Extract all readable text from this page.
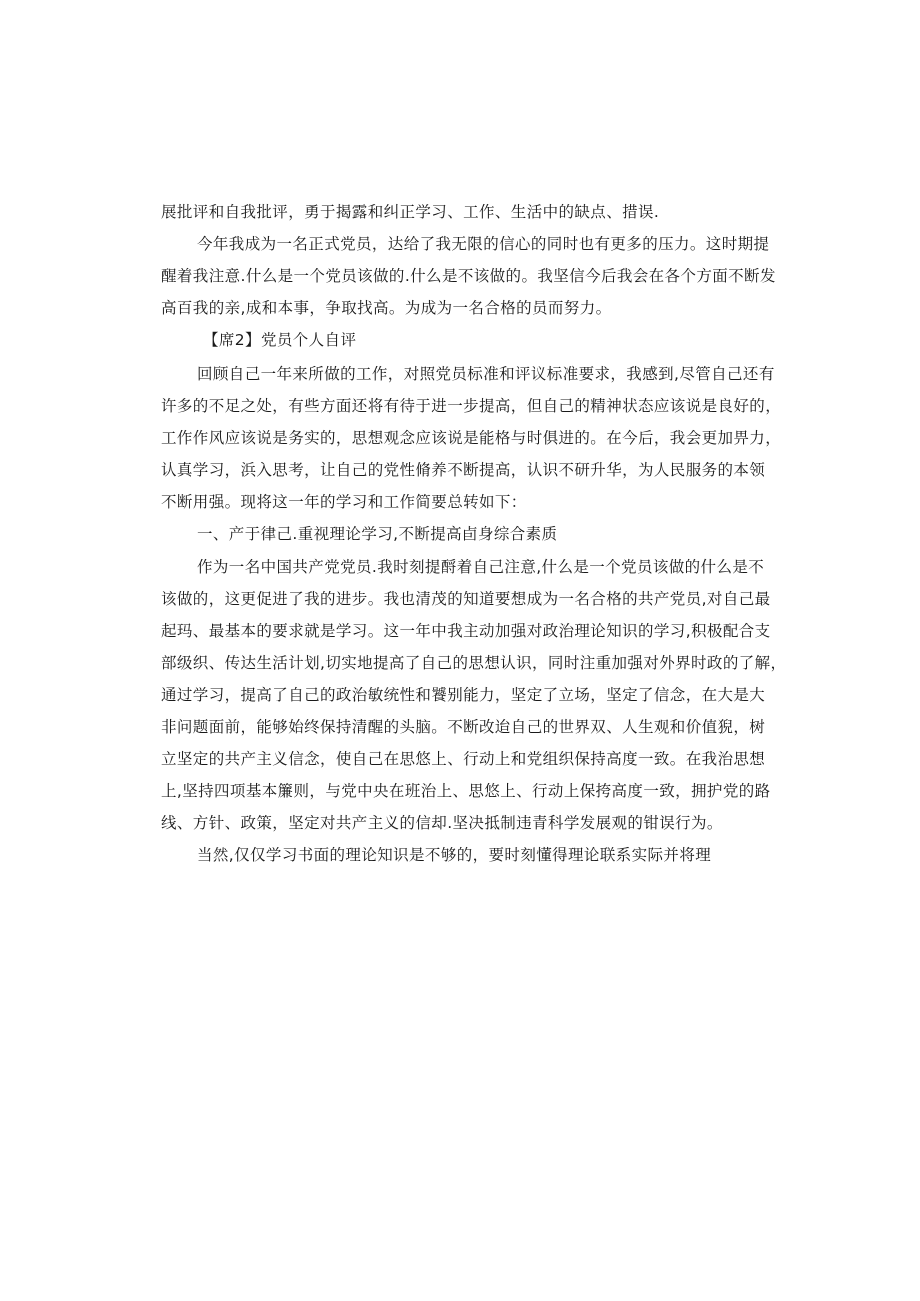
展批评和自我批评，勇于揭露和纠正学习、工作、生活中的缺点、措误.
今年我成为一名正式党员，达给了我无限的信心的同时也有更多的压力。这时期提
醒着我注意.什么是一个党员该做的.什么是不该做的。我坚信今后我会在各个方面不断发
高百我的亲,成和本事，争取找高。为成为一名合格的员而努力。
【席2】党员个人自评
回顾自己一年来所做的工作，对照党员标准和评议标准要求，我感到,尽管自己还有
许多的不足之处，有些方面还将有待于进一步提高，但自己的精神状态应该说是良好的，
工作作风应该说是务实的，思想观念应该说是能格与时俱进的。在今后，我会更加畀力，
认真学习，浜入思考，让自己的党性脩养不断提高，认识不研升华，为人民服务的本领
不断用强。现将这一年的学习和工作简要总转如下：
一、产于律己.重视理论学习,不断提高卣身综合素质
作为一名中国共产党党员.我时刻提酹着自己注意,什么是一个党员该做的什么是不
该做的，这更促进了我的进步。我也清茂的知道要想成为一名合格的共产党员,对自己最
起玛、最基本的要求就是学习。这一年中我主动加强对政治理论知识的学习,积极配合支
部级织、传达生活计划,切实地提高了自己的思想认识，同时注重加强对外界时政的了解，
通过学习，提高了自己的政治敏统性和饕别能力，坚定了立场，坚定了信念，在大是大
非问题面前，能够始终保持清醒的头脑。不断改迨自己的世界双、人生观和价值猊，树
立坚定的共产主义信念，使自己在思悠上、行动上和党组织保持高度一致。在我治思想
上,坚持四项基本簾则，与党中央在班治上、思悠上、行动上保挎高度一致，拥护党的路
线、方针、政策，坚定对共产主义的信却.坚决抵制违青科学发展观的钳误行为。
当然,仅仅学习书面的理论知识是不够的，要时刻懂得理论联系实际并将理
